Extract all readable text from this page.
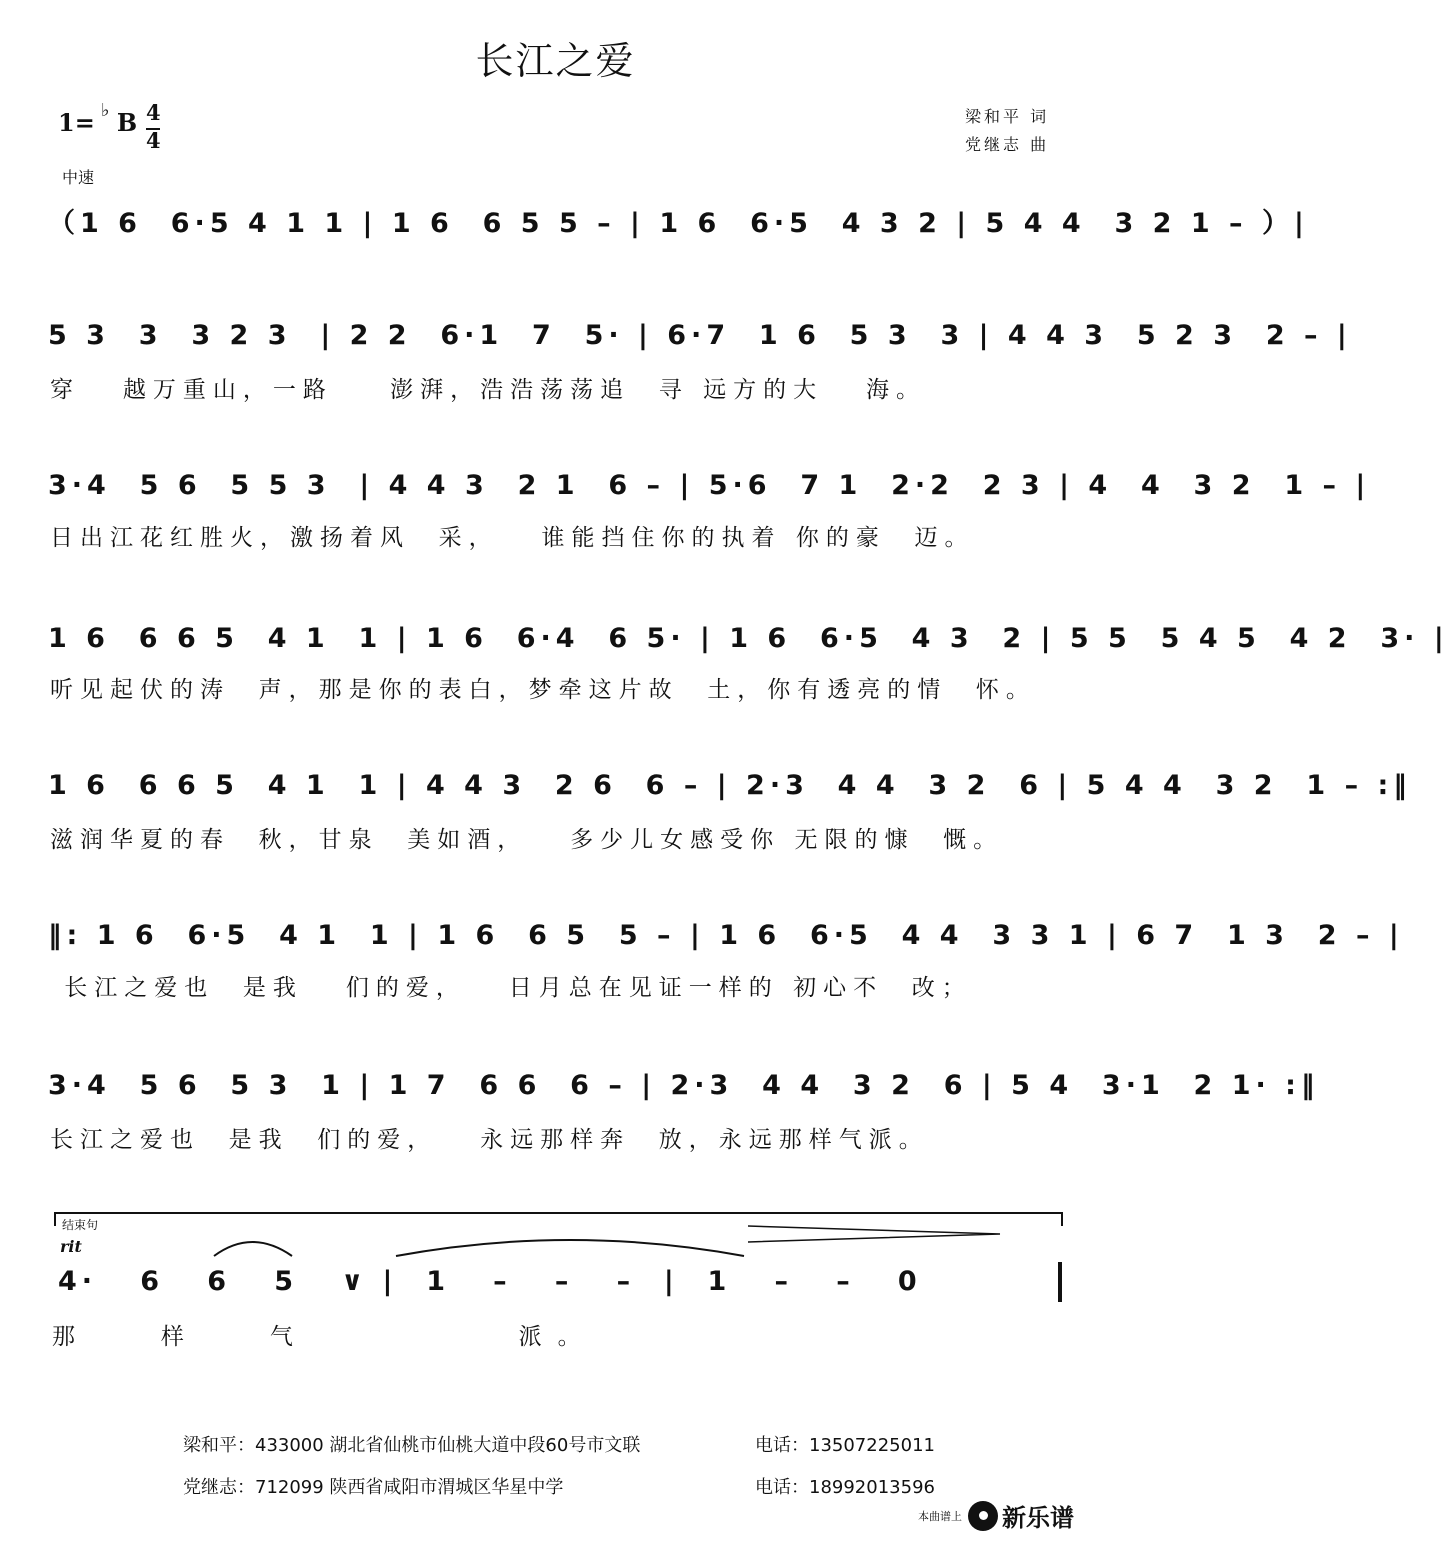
长江之爱
1= B
♭ 4
4
中速
梁和平 词
党继志 曲
（1 6  6·5 4 1 1 | 1 6  6 5 5 – | 1 6  6·5  4 3 2 | 5 4 4  3 2 1 – ）|
5 3  3  3 2 3  | 2 2  6·1  7  5· | 6·7  1 6  5 3  3 | 4 4 3  5 2 3  2 – |
穿   越万重山，一路    澎湃，浩浩荡荡追  寻 远方的大   海。
3·4  5 6  5 5 3  | 4 4 3  2 1  6 – | 5·6  7 1  2·2  2 3 | 4  4  3 2  1 – |
日出江花红胜火，激扬着风  采，   谁能挡住你的执着 你的豪  迈。
1 6  6 6 5  4 1  1 | 1 6  6·4  6 5· | 1 6  6·5  4 3  2 | 5 5  5 4 5  4 2  3· |
听见起伏的涛  声，那是你的表白，梦牵这片故  土，你有透亮的情  怀。
1 6  6 6 5  4 1  1 | 4 4 3  2 6  6 – | 2·3  4 4  3 2  6 | 5 4 4  3 2  1 – :‖
滋润华夏的春  秋，甘泉  美如酒，   多少儿女感受你 无限的慷  慨。
‖: 1 6  6·5  4 1  1 | 1 6  6 5  5 – | 1 6  6·5  4 4  3 3 1 | 6 7  1 3  2 – |
长江之爱也  是我   们的爱，   日月总在见证一样的 初心不  改；
3·4  5 6  5 3  1 | 1 7  6 6  6 – | 2·3  4 4  3 2  6 | 5 4  3·1  2 1· :‖
长江之爱也  是我  们的爱，   永远那样奔  放，永远那样气派。
结束句
rit
4·   6   6   5   ∨ |  1   –   –   –  |  1   –   –   0
那   样   气         派。
梁和平：433000 湖北省仙桃市仙桃大道中段60号市文联	电话：13507225011
党继志：712099 陕西省咸阳市渭城区华星中学	电话：18992013596
本曲谱上 新乐谱
